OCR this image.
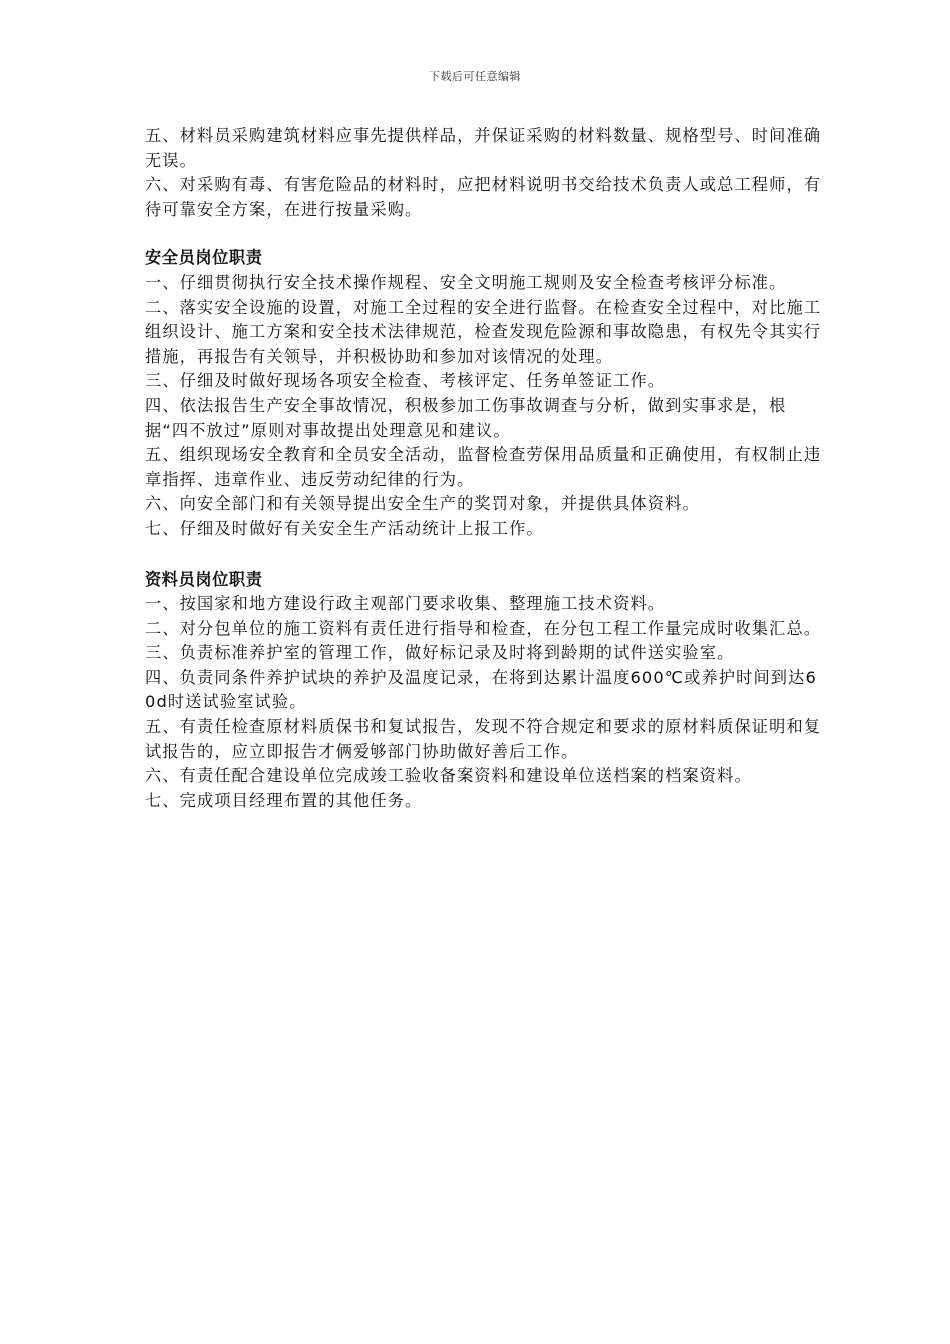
下载后可任意编辑

五、材料员采购建筑材料应事先提供样品，并保证采购的材料数量、规格型号、时间准确无误。

六、对采购有毒、有害危险品的材料时，应把材料说明书交给技术负责人或总工程师，有待可靠安全方案，在进行按量采购。

安全员岗位职责

一、仔细贯彻执行安全技术操作规程、安全文明施工规则及安全检查考核评分标准。

二、落实安全设施的设置，对施工全过程的安全进行监督。在检查安全过程中，对比施工组织设计、施工方案和安全技术法律规范，检查发现危险源和事故隐患，有权先令其实行措施，再报告有关领导，并积极协助和参加对该情况的处理。

三、仔细及时做好现场各项安全检查、考核评定、任务单签证工作。

四、依法报告生产安全事故情况，积极参加工伤事故调查与分析，做到实事求是，根据“四不放过”原则对事故提出处理意见和建议。

五、组织现场安全教育和全员安全活动，监督检查劳保用品质量和正确使用，有权制止违章指挥、违章作业、违反劳动纪律的行为。

六、向安全部门和有关领导提出安全生产的奖罚对象，并提供具体资料。

七、仔细及时做好有关安全生产活动统计上报工作。

资料员岗位职责

一、按国家和地方建设行政主观部门要求收集、整理施工技术资料。

二、对分包单位的施工资料有责任进行指导和检查，在分包工程工作量完成时收集汇总。

三、负责标准养护室的管理工作，做好标记录及时将到龄期的试件送实验室。

四、负责同条件养护试块的养护及温度记录，在将到达累计温度600℃或养护时间到达60d时送试验室试验。

五、有责任检查原材料质保书和复试报告，发现不符合规定和要求的原材料质保证明和复试报告的，应立即报告才俩爱够部门协助做好善后工作。

六、有责任配合建设单位完成竣工验收备案资料和建设单位送档案的档案资料。

七、完成项目经理布置的其他任务。
